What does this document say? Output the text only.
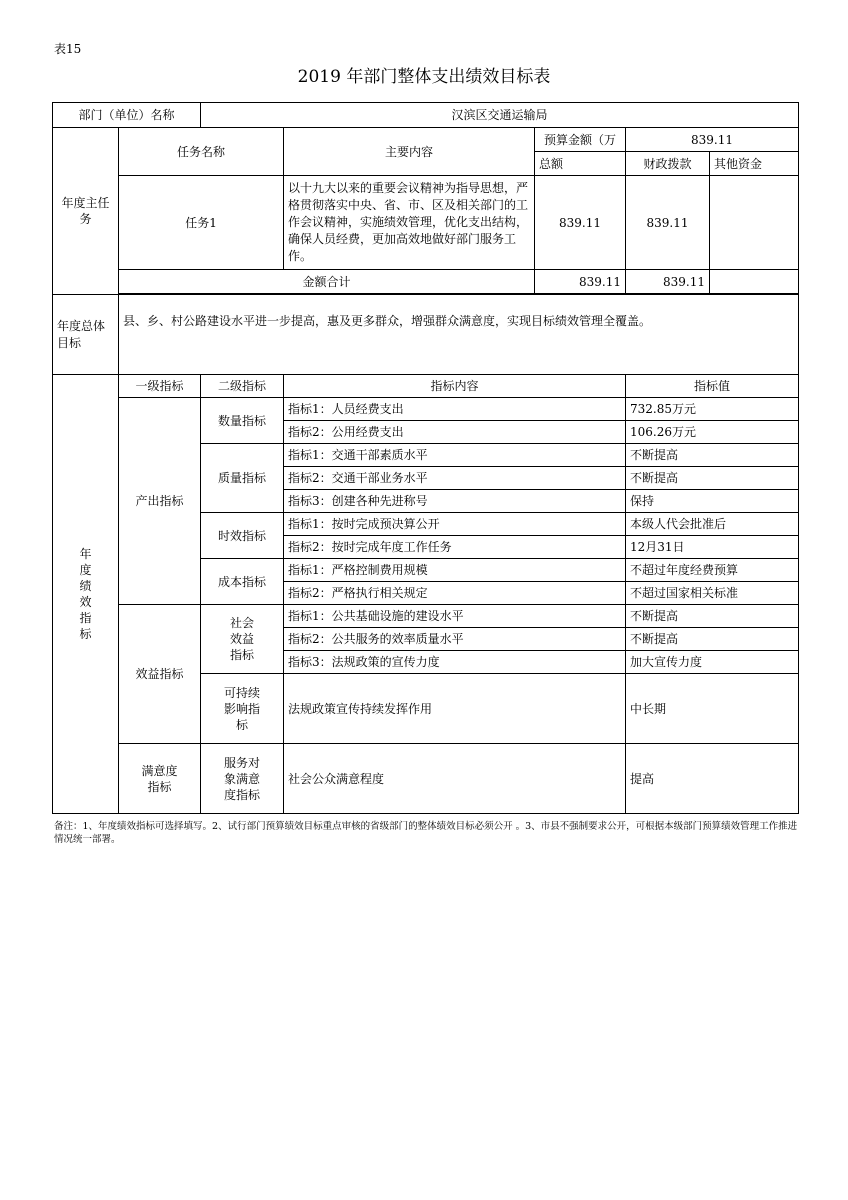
表15
2019 年部门整体支出绩效目标表
部门（单位）名称		汉滨区交通运输局				
年度主任务	任务名称		主要内容	预算金额（万	839.11	
				总额	财政拨款	其他资金
	任务1		以十九大以来的重要会议精神为指导思想，严格贯彻落实中央、省、市、区及相关部门的工作会议精神，实施绩效管理，优化支出结构，确保人员经费，更加高效地做好部门服务工作。	839.11	839.11	
	金额合计			839.11	839.11	

年度总体目标	县、乡、村公路建设水平进一步提高，惠及更多群众，增强群众满意度，实现目标绩效管理全覆盖。					
年度绩效指标	一级指标	二级指标	指标内容		指标值	
	产出指标	数量指标	指标1：人员经费支出		732.85万元	
			指标2：公用经费支出		106.26万元	
		质量指标	指标1：交通干部素质水平		不断提高	
			指标2：交通干部业务水平		不断提高	
			指标3：创建各种先进称号		保持	
		时效指标	指标1：按时完成预决算公开		本级人代会批准后	
			指标2：按时完成年度工作任务		12月31日	
		成本指标	指标1：严格控制费用规模		不超过年度经费预算	
			指标2：严格执行相关规定		不超过国家相关标准	
	效益指标	社会效益指标	指标1：公共基础设施的建设水平		不断提高	
			指标2：公共服务的效率质量水平		不断提高	
			指标3：法规政策的宣传力度		加大宣传力度	
		可持续影响指标	法规政策宣传持续发挥作用		中长期	
	满意度指标	服务对象满意度指标	社会公众满意程度		提高	
备注：1、年度绩效指标可选择填写。2、试行部门预算绩效目标重点审核的省级部门的整体绩效目标必须公开 。3、市县不强制要求公开，可根据本级部门预算绩效管理工作推进情况统一部署。
